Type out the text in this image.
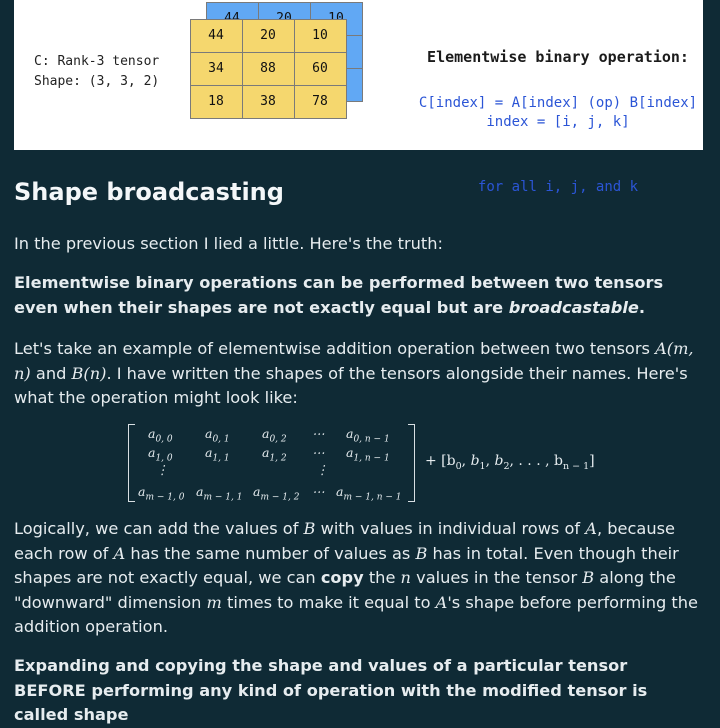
C: Rank-3 tensor
Shape: (3, 3, 2)
44	20	10
34	88	60
18	38	78

Elementwise binary operation:

index = [i, j, k]

for all i, j, and k

C[index] = A[index] (op) B[index]

Shape broadcasting

In the previous section I lied a little. Here's the truth:

Elementwise binary operations can be performed between two tensors even when their shapes are not exactly equal but are broadcastable.

Let's take an example of elementwise addition operation between two tensors A(m, n) and B(n). I have written the shapes of the tensors alongside their names. Here's what the operation might look like:

$a_{0, 0}$	$a_{0, 1}$	$a_{0, 2}$ ⋯ $a_{0, n - 1}$
$a_{1, 0}$	$a_{1, 1}$	$a_{1, 2}$ ⋯ $a_{1, n - 1}$
⋮	⋮
$a_{m - 1, 0}$ $a_{m - 1, 1}$ $a_{m - 1, 2}$ ⋯ $a_{m - 1, n - 1}$
+ [$b_0$, $b_1$, $b_2$, . . . , $b_{n - 1}$]

Logically, we can add the values of B with values in individual rows of A, because each row of A has the same number of values as B has in total. Even though their shapes are not exactly equal, we can copy the n values in the tensor B along the "downward" dimension m times to make it equal to A's shape before performing the addition operation.

Expanding and copying the shape and values of a particular tensor BEFORE performing any kind of operation with the modified tensor is called shape
